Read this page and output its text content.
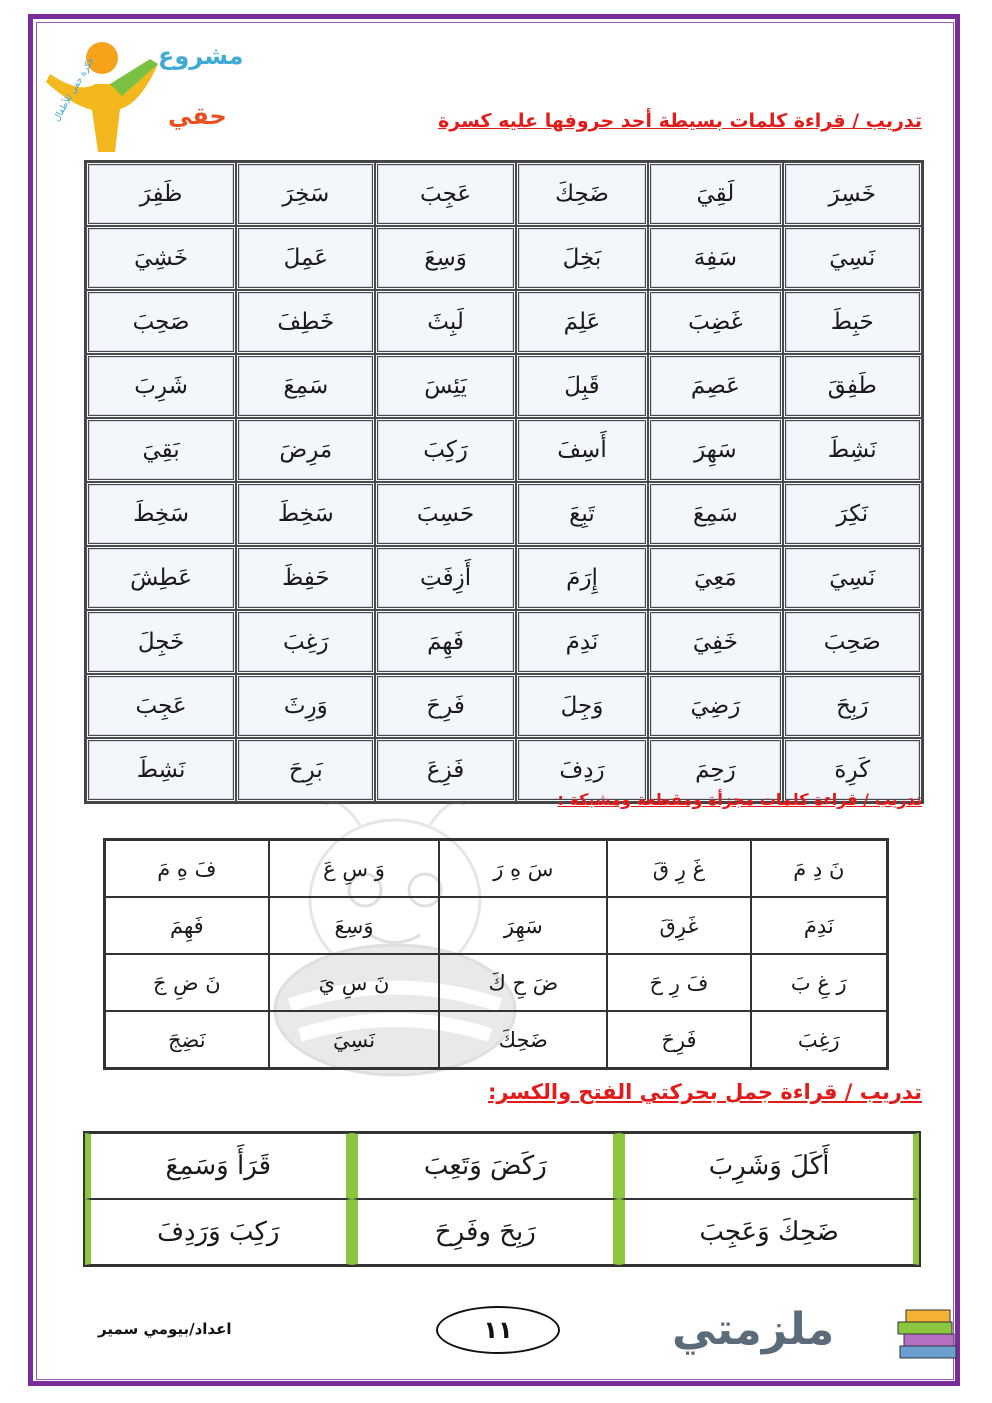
فكرة حقي للأطفال
مشروع
حقي	تدريب / قراءة كلمات بسيطة أحد حروفها عليه كسرة
خَسِرَ	لَقِيَ	ضَحِكَ	عَجِبَ	سَخِرَ	ظَفِرَ
نَسِيَ	سَفِهَ	بَخِلَ	وَسِعَ	عَمِلَ	خَشِيَ
حَبِطَ	غَضِبَ	عَلِمَ	لَبِثَ	خَطِفَ	صَحِبَ
طَفِقَ	عَصِمَ	قَبِلَ	يَئِسَ	سَمِعَ	شَرِبَ
نَشِطَ	سَهِرَ	أَسِفَ	رَكِبَ	مَرِضَ	بَقِيَ
نَكِرَ	سَمِعَ	تَبِعَ	حَسِبَ	سَخِطَ	سَخِطَ
نَسِيَ	مَعِيَ	إِرَمَ	أَزِفَتِ	حَفِظَ	عَطِشَ
صَحِبَ	خَفِيَ	نَدِمَ	فَهِمَ	رَغِبَ	خَجِلَ
رَبِحَ	رَضِيَ	وَجِلَ	فَرِحَ	وَرِثَ	عَجِبَ
كَرِهَ	رَحِمَ	رَدِفَ	فَزِعَ	بَرِحَ	نَشِطَ
تدريب / قراءة كلمات مجزأة ومقطعة ومشبكة :
نَ دِ مَ	غَ رِ قَ	سَ هِ رَ	وَ سِ عَ	فَ هِ مَ
نَدِمَ	غَرِقَ	سَهِرَ	وَسِعَ	فَهِمَ
رَ غِ بَ	فَ رِ حَ	ضَ حِ كَ	نَ سِ يَ	نَ ضِ جَ
رَغِبَ	فَرِحَ	ضَحِكَ	نَسِيَ	نَضِجَ
تدريب / قراءة جمل بحركتي الفتح والكسر:
أَكَلَ وَشَرِبَ	رَكَضَ وَتَعِبَ	قَرَأَ وَسَمِعَ
ضَحِكَ وَعَجِبَ	رَبِحَ وفَرِحَ	رَكِبَ وَرَدِفَ
اعداد/بيومي سمير	١١	ملزمتي
